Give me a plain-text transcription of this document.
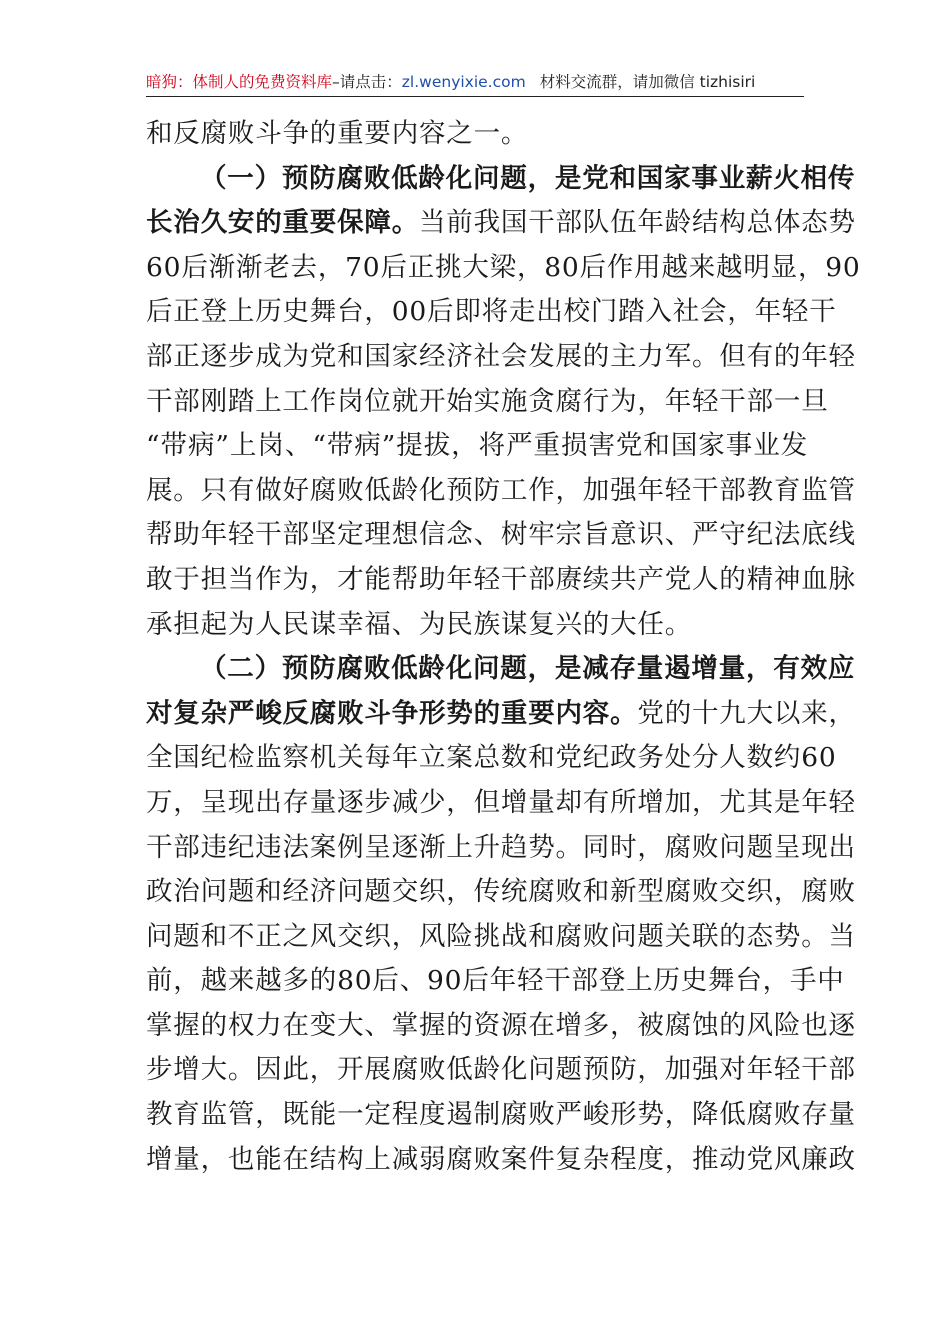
暗狗：体制人的免费资料库–请点击：zl.wenyixie.com 材料交流群，请加微信 tizhisiri
和反腐败斗争的重要内容之一。
（一）预防腐败低龄化问题，是党和国家事业薪火相传
长治久安的重要保障。当前我国干部队伍年龄结构总体态势
60后渐渐老去，70后正挑大梁，80后作用越来越明显，90
后正登上历史舞台，00后即将走出校门踏入社会，年轻干
部正逐步成为党和国家经济社会发展的主力军。但有的年轻
干部刚踏上工作岗位就开始实施贪腐行为，年轻干部一旦
“带病”上岗、“带病”提拔，将严重损害党和国家事业发
展。只有做好腐败低龄化预防工作，加强年轻干部教育监管
帮助年轻干部坚定理想信念、树牢宗旨意识、严守纪法底线
敢于担当作为，才能帮助年轻干部赓续共产党人的精神血脉
承担起为人民谋幸福、为民族谋复兴的大任。
（二）预防腐败低龄化问题，是减存量遏增量，有效应
对复杂严峻反腐败斗争形势的重要内容。党的十九大以来，
全国纪检监察机关每年立案总数和党纪政务处分人数约60
万，呈现出存量逐步减少，但增量却有所增加，尤其是年轻
干部违纪违法案例呈逐渐上升趋势。同时，腐败问题呈现出
政治问题和经济问题交织，传统腐败和新型腐败交织，腐败
问题和不正之风交织，风险挑战和腐败问题关联的态势。当
前，越来越多的80后、90后年轻干部登上历史舞台，手中
掌握的权力在变大、掌握的资源在增多，被腐蚀的风险也逐
步增大。因此，开展腐败低龄化问题预防，加强对年轻干部
教育监管，既能一定程度遏制腐败严峻形势，降低腐败存量
增量，也能在结构上减弱腐败案件复杂程度，推动党风廉政
